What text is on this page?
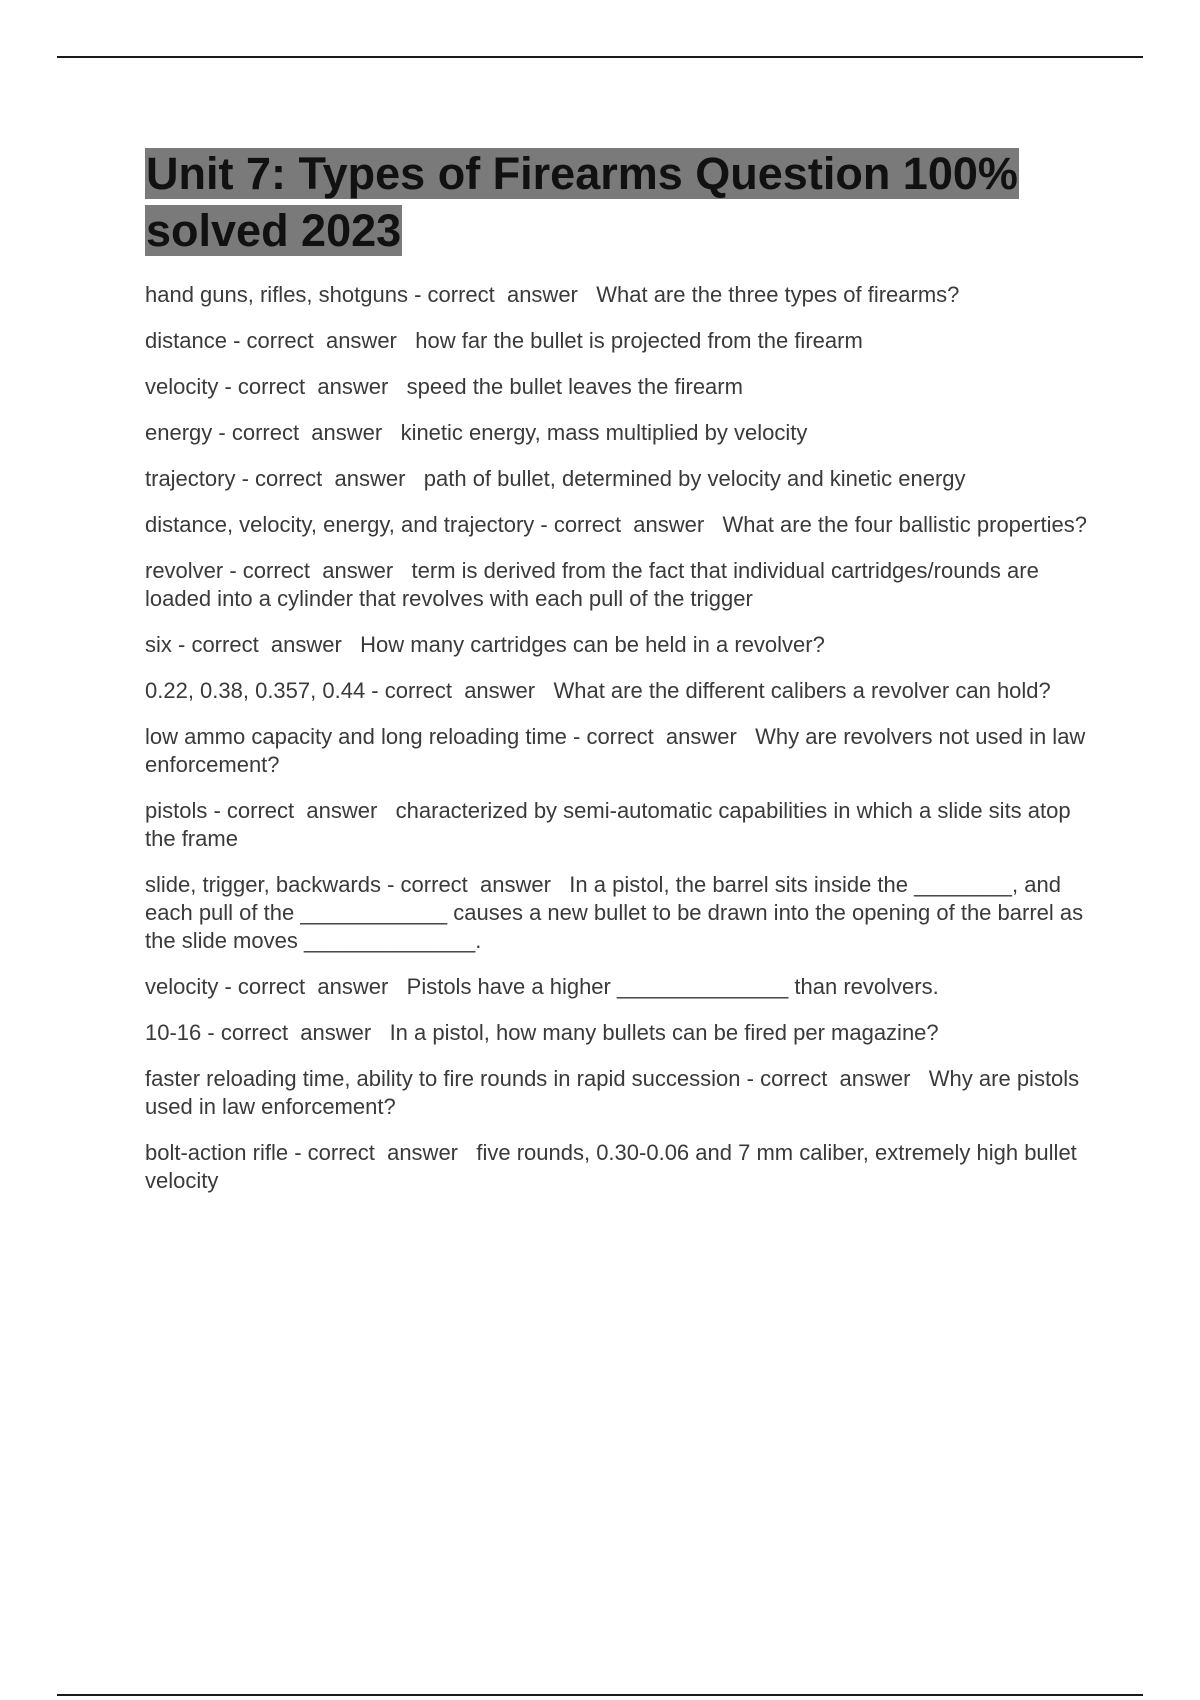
Unit 7: Types of Firearms Question 100% solved 2023

hand guns, rifles, shotguns - correct  answer   What are the three types of firearms?

distance - correct  answer   how far the bullet is projected from the firearm

velocity - correct  answer   speed the bullet leaves the firearm

energy - correct  answer   kinetic energy, mass multiplied by velocity

trajectory - correct  answer   path of bullet, determined by velocity and kinetic energy

distance, velocity, energy, and trajectory - correct  answer   What are the four ballistic properties?

revolver - correct  answer   term is derived from the fact that individual cartridges/rounds are loaded into a cylinder that revolves with each pull of the trigger

six - correct  answer   How many cartridges can be held in a revolver?

0.22, 0.38, 0.357, 0.44 - correct  answer   What are the different calibers a revolver can hold?

low ammo capacity and long reloading time - correct  answer   Why are revolvers not used in law enforcement?

pistols - correct  answer   characterized by semi-automatic capabilities in which a slide sits atop the frame

slide, trigger, backwards - correct  answer   In a pistol, the barrel sits inside the ________, and each pull of the ____________ causes a new bullet to be drawn into the opening of the barrel as the slide moves ______________.

velocity - correct  answer   Pistols have a higher ______________ than revolvers.

10-16 - correct  answer   In a pistol, how many bullets can be fired per magazine?

faster reloading time, ability to fire rounds in rapid succession - correct  answer   Why are pistols used in law enforcement?

bolt-action rifle - correct  answer   five rounds, 0.30-0.06 and 7 mm caliber, extremely high bullet velocity
